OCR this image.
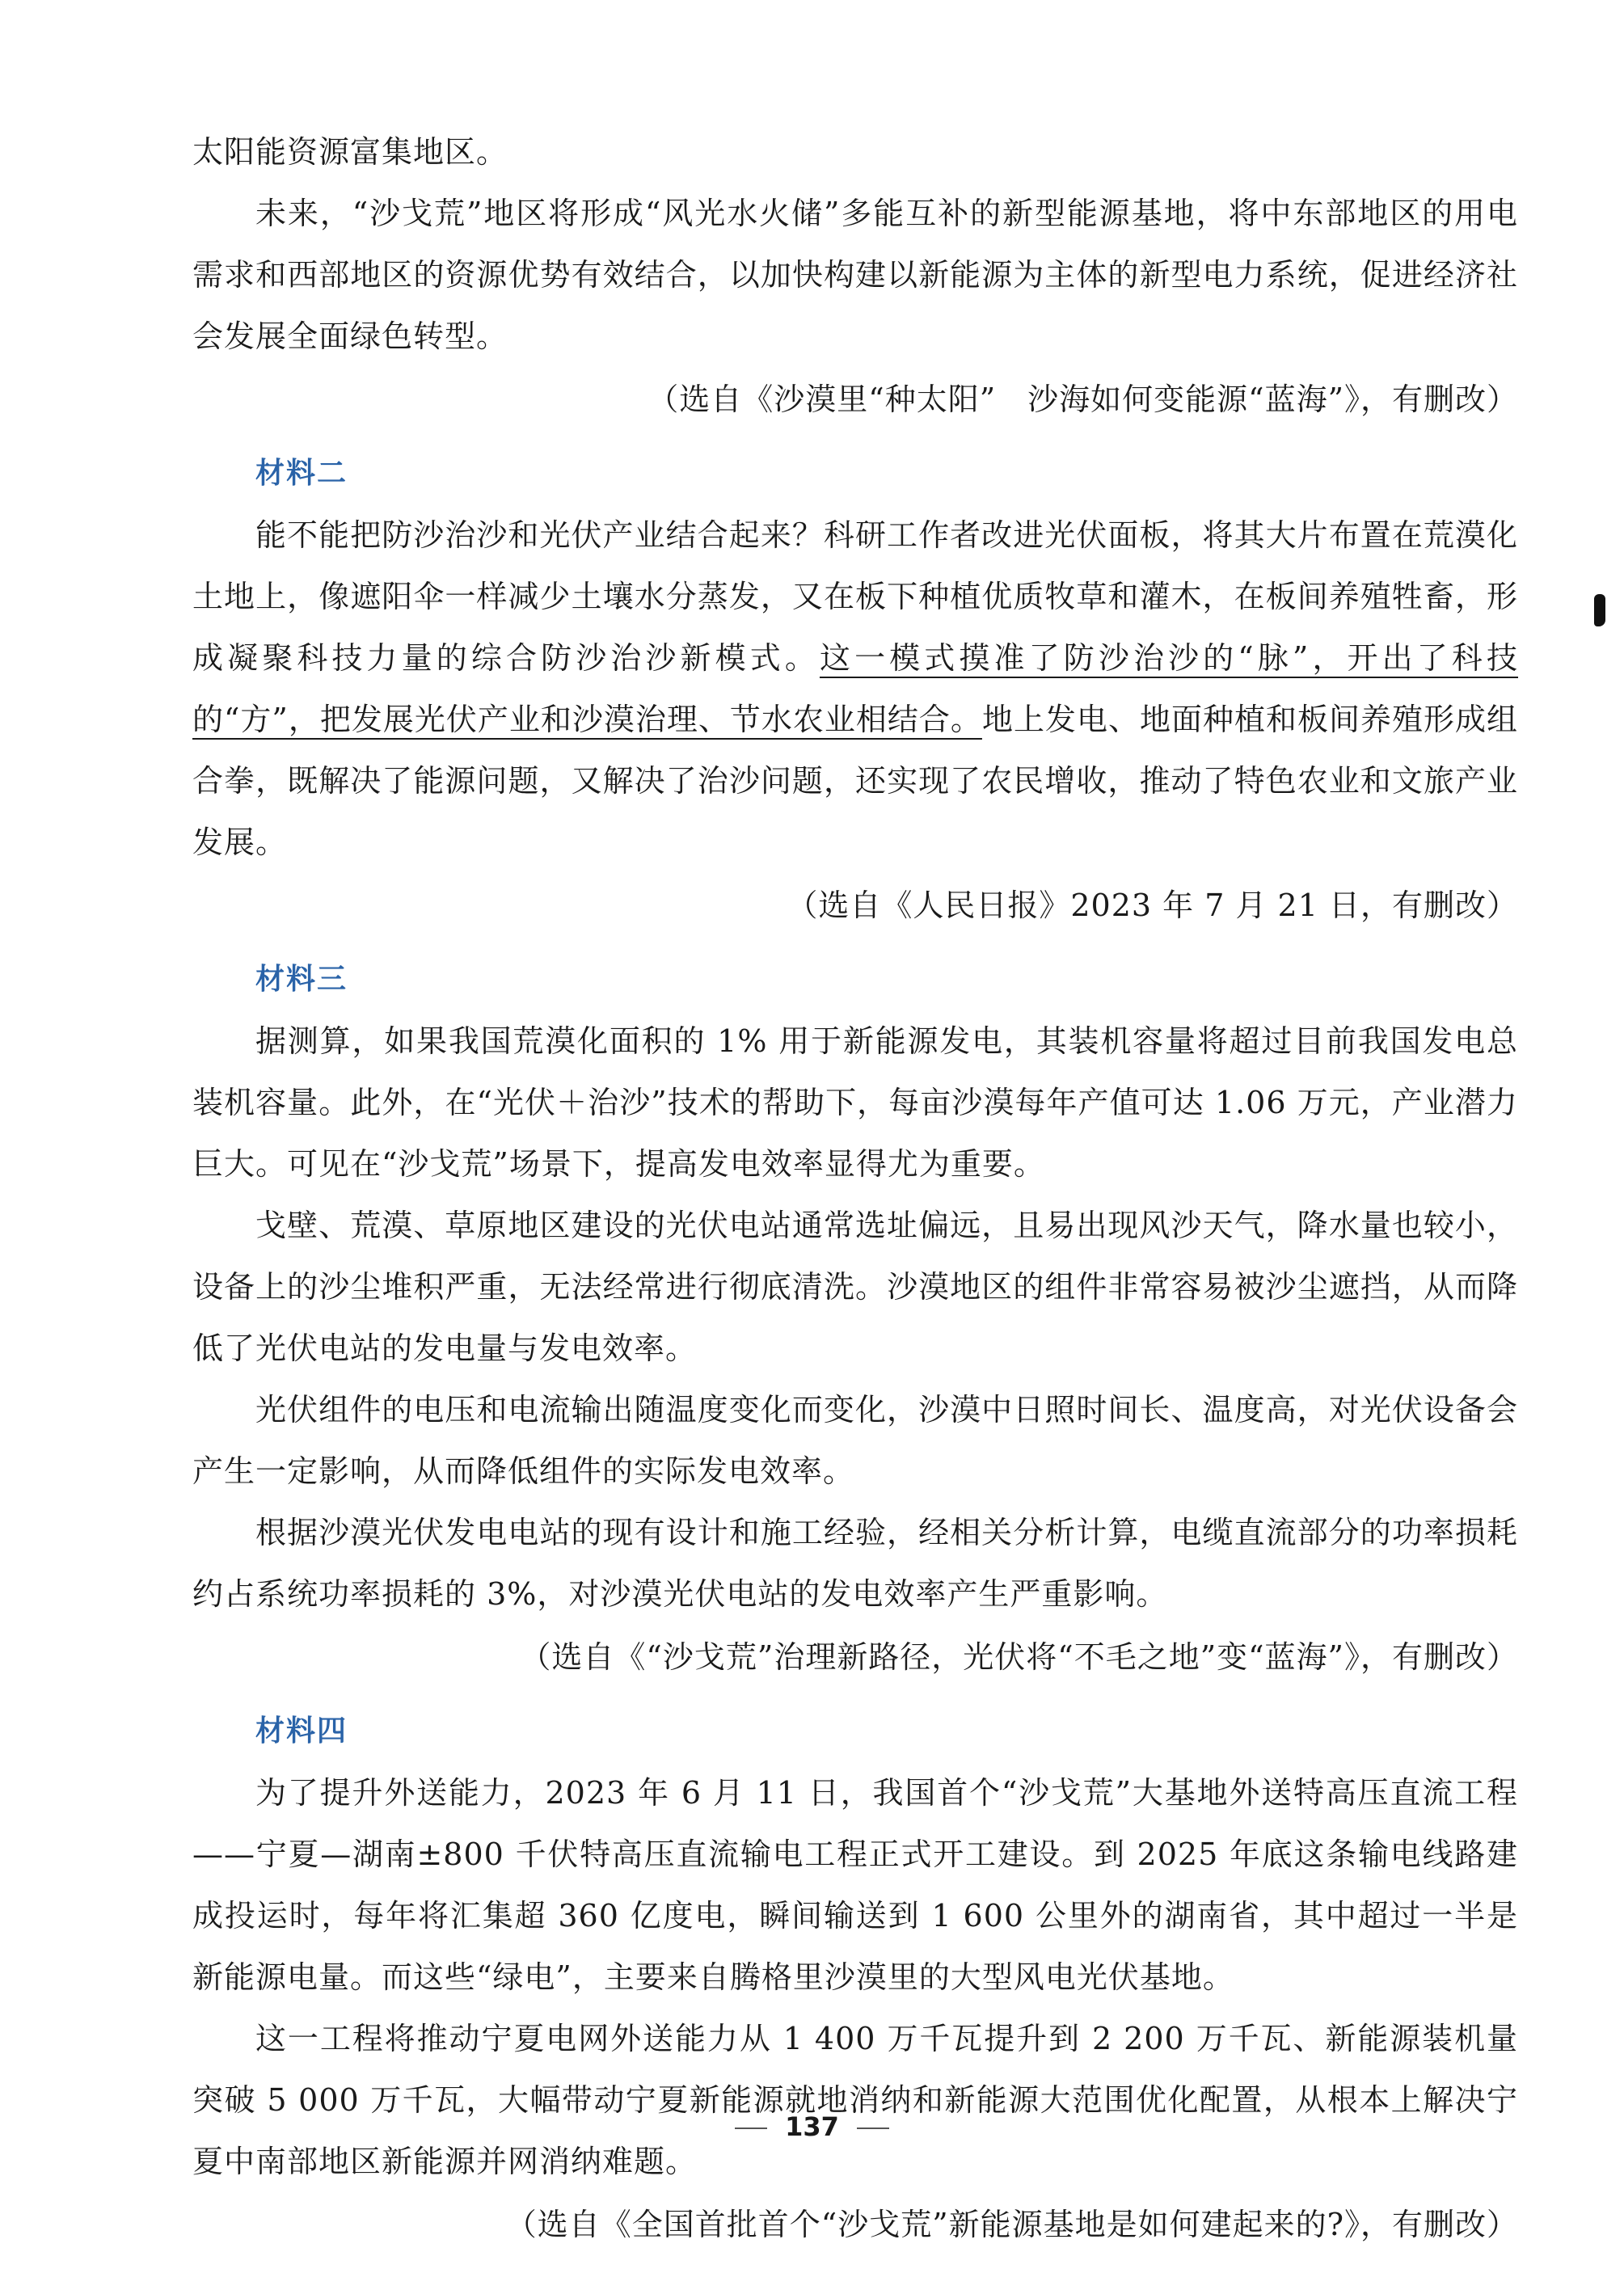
太阳能资源富集地区。

未来，“沙戈荒”地区将形成“风光水火储”多能互补的新型能源基地，将中东部地区的用电需求和西部地区的资源优势有效结合，以加快构建以新能源为主体的新型电力系统，促进经济社会发展全面绿色转型。

（选自《沙漠里“种太阳”　沙海如何变能源“蓝海”》，有删改）

材料二

能不能把防沙治沙和光伏产业结合起来？科研工作者改进光伏面板，将其大片布置在荒漠化土地上，像遮阳伞一样减少土壤水分蒸发，又在板下种植优质牧草和灌木，在板间养殖牲畜，形成凝聚科技力量的综合防沙治沙新模式。这一模式摸准了防沙治沙的“脉”，开出了科技的“方”，把发展光伏产业和沙漠治理、节水农业相结合。地上发电、地面种植和板间养殖形成组合拳，既解决了能源问题，又解决了治沙问题，还实现了农民增收，推动了特色农业和文旅产业发展。

（选自《人民日报》2023 年 7 月 21 日，有删改）

材料三

据测算，如果我国荒漠化面积的 1% 用于新能源发电，其装机容量将超过目前我国发电总装机容量。此外，在“光伏＋治沙”技术的帮助下，每亩沙漠每年产值可达 1.06 万元，产业潜力巨大。可见在“沙戈荒”场景下，提高发电效率显得尤为重要。

戈壁、荒漠、草原地区建设的光伏电站通常选址偏远，且易出现风沙天气，降水量也较小，设备上的沙尘堆积严重，无法经常进行彻底清洗。沙漠地区的组件非常容易被沙尘遮挡，从而降低了光伏电站的发电量与发电效率。

光伏组件的电压和电流输出随温度变化而变化，沙漠中日照时间长、温度高，对光伏设备会产生一定影响，从而降低组件的实际发电效率。

根据沙漠光伏发电电站的现有设计和施工经验，经相关分析计算，电缆直流部分的功率损耗约占系统功率损耗的 3%，对沙漠光伏电站的发电效率产生严重影响。

（选自《“沙戈荒”治理新路径，光伏将“不毛之地”变“蓝海”》，有删改）

材料四

为了提升外送能力，2023 年 6 月 11 日，我国首个“沙戈荒”大基地外送特高压直流工程——宁夏—湖南±800 千伏特高压直流输电工程正式开工建设。到 2025 年底这条输电线路建成投运时，每年将汇集超 360 亿度电，瞬间输送到 1 600 公里外的湖南省，其中超过一半是新能源电量。而这些“绿电”，主要来自腾格里沙漠里的大型风电光伏基地。

这一工程将推动宁夏电网外送能力从 1 400 万千瓦提升到 2 200 万千瓦、新能源装机量突破 5 000 万千瓦，大幅带动宁夏新能源就地消纳和新能源大范围优化配置，从根本上解决宁夏中南部地区新能源并网消纳难题。

（选自《全国首批首个“沙戈荒”新能源基地是如何建起来的?》，有删改）

137
